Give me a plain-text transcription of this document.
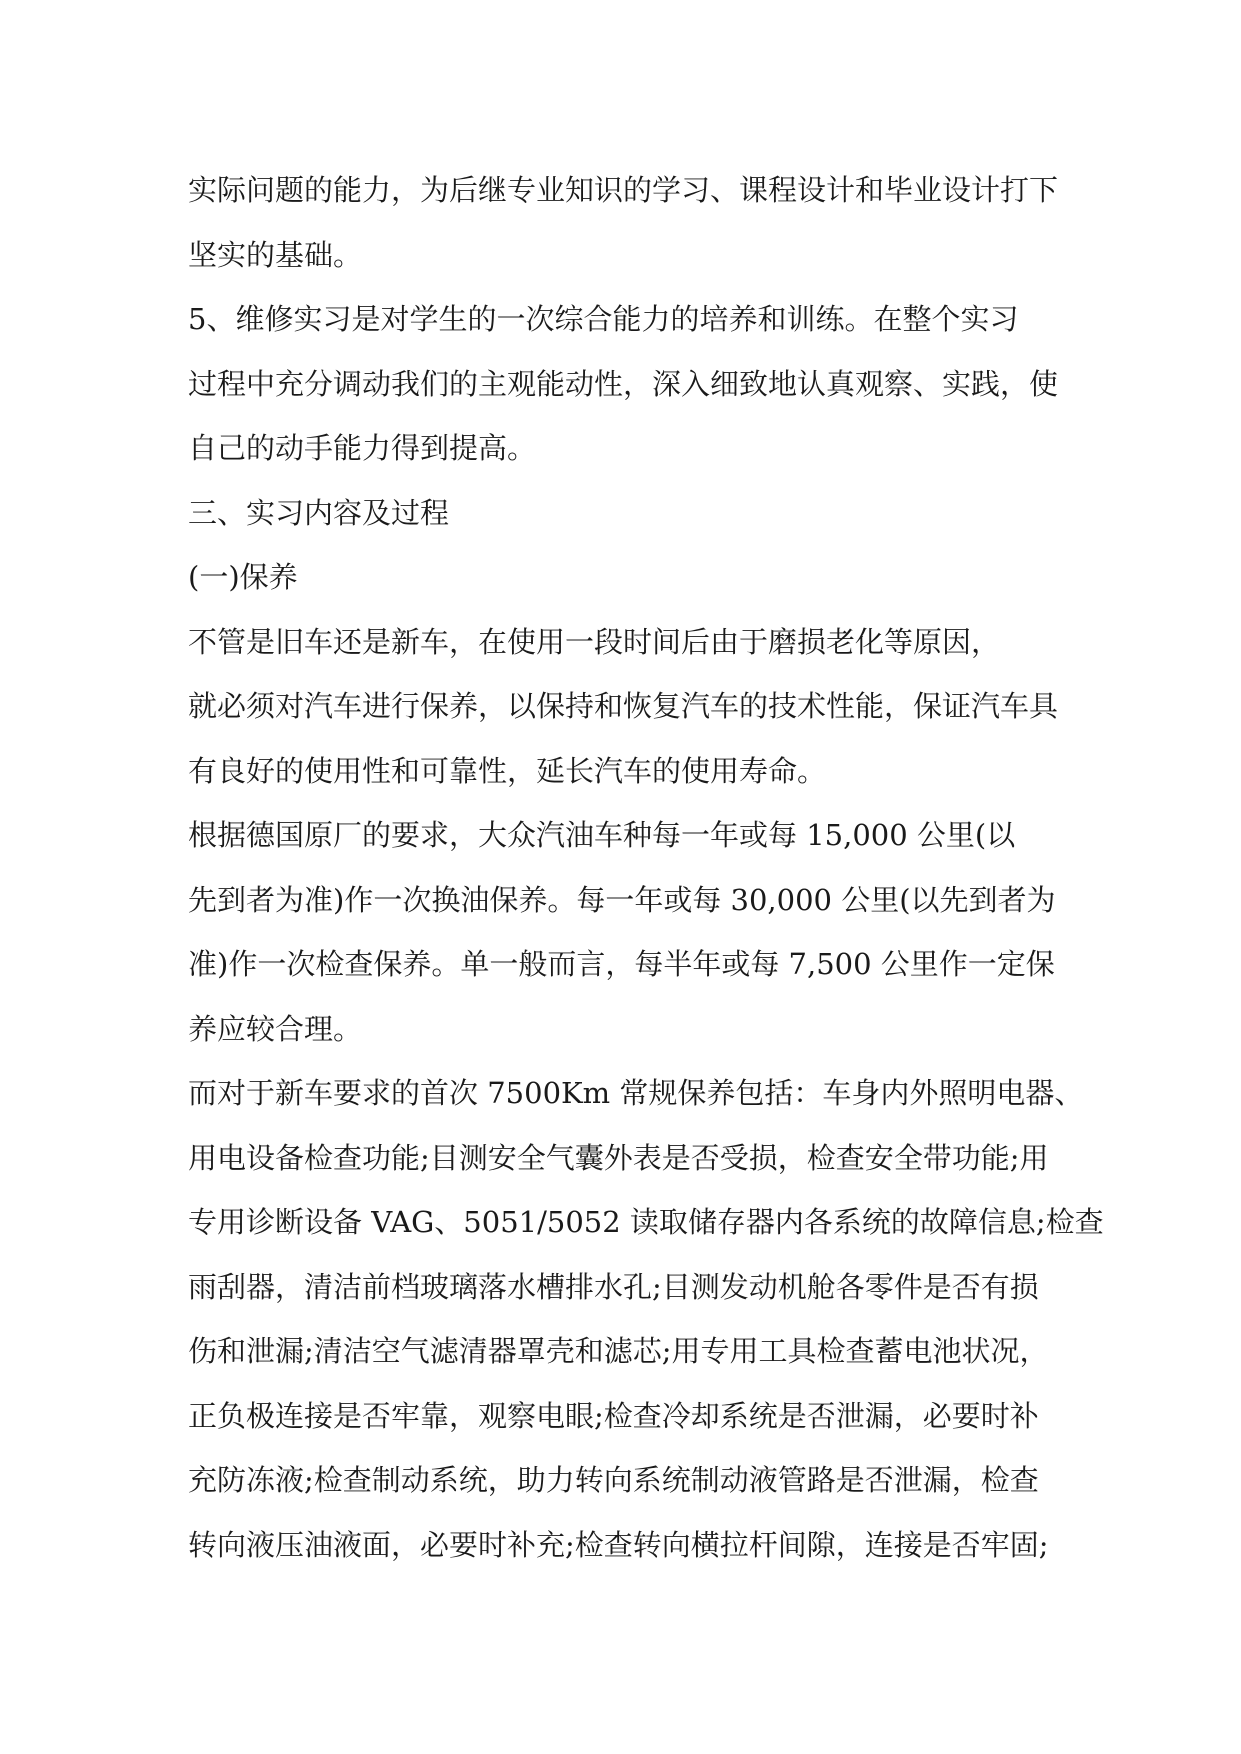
实际问题的能力，为后继专业知识的学习、课程设计和毕业设计打下

坚实的基础。

5、维修实习是对学生的一次综合能力的培养和训练。在整个实习

过程中充分调动我们的主观能动性，深入细致地认真观察、实践，使

自己的动手能力得到提高。

三、实习内容及过程

(一)保养

不管是旧车还是新车，在使用一段时间后由于磨损老化等原因，

就必须对汽车进行保养，以保持和恢复汽车的技术性能，保证汽车具

有良好的使用性和可靠性，延长汽车的使用寿命。

根据德国原厂的要求，大众汽油车种每一年或每 15,000 公里(以

先到者为准)作一次换油保养。每一年或每 30,000 公里(以先到者为

准)作一次检查保养。单一般而言，每半年或每 7,500 公里作一定保

养应较合理。

而对于新车要求的首次 7500Km 常规保养包括：车身内外照明电器、

用电设备检查功能;目测安全气囊外表是否受损，检查安全带功能;用

专用诊断设备 VAG、5051/5052 读取储存器内各系统的故障信息;检查

雨刮器，清洁前档玻璃落水槽排水孔;目测发动机舱各零件是否有损

伤和泄漏;清洁空气滤清器罩壳和滤芯;用专用工具检查蓄电池状况，

正负极连接是否牢靠，观察电眼;检查冷却系统是否泄漏，必要时补

充防冻液;检查制动系统，助力转向系统制动液管路是否泄漏，检查

转向液压油液面，必要时补充;检查转向横拉杆间隙，连接是否牢固;
